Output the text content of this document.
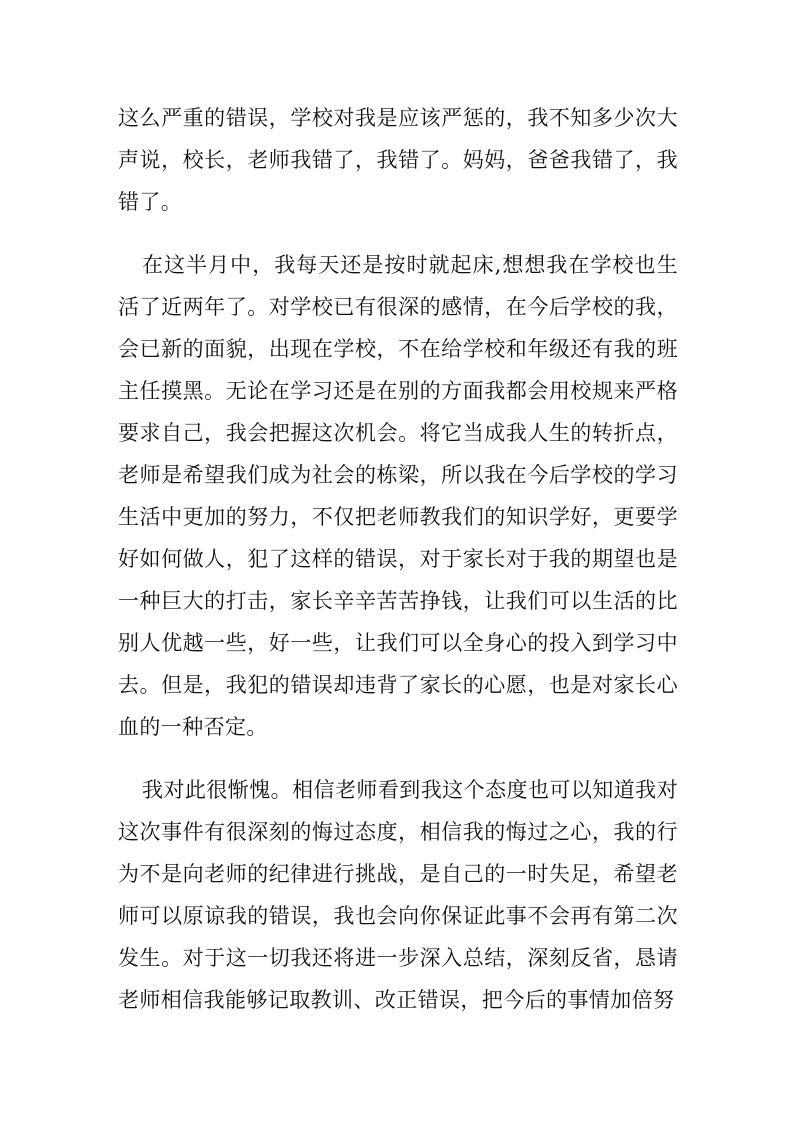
这么严重的错误，学校对我是应该严惩的，我不知多少次大声说，校长，老师我错了，我错了。妈妈，爸爸我错了，我错了。

在这半月中，我每天还是按时就起床,想想我在学校也生活了近两年了。对学校已有很深的感情，在今后学校的我，会已新的面貌，出现在学校，不在给学校和年级还有我的班主任摸黑。无论在学习还是在别的方面我都会用校规来严格要求自己，我会把握这次机会。将它当成我人生的转折点，老师是希望我们成为社会的栋梁，所以我在今后学校的学习生活中更加的努力，不仅把老师教我们的知识学好，更要学好如何做人，犯了这样的错误，对于家长对于我的期望也是一种巨大的打击，家长辛辛苦苦挣钱，让我们可以生活的比别人优越一些，好一些，让我们可以全身心的投入到学习中去。但是，我犯的错误却违背了家长的心愿，也是对家长心血的一种否定。

我对此很惭愧。相信老师看到我这个态度也可以知道我对这次事件有很深刻的悔过态度，相信我的悔过之心，我的行为不是向老师的纪律进行挑战，是自己的一时失足，希望老师可以原谅我的错误，我也会向你保证此事不会再有第二次发生。对于这一切我还将进一步深入总结，深刻反省，恳请老师相信我能够记取教训、改正错误，把今后的事情加倍努
